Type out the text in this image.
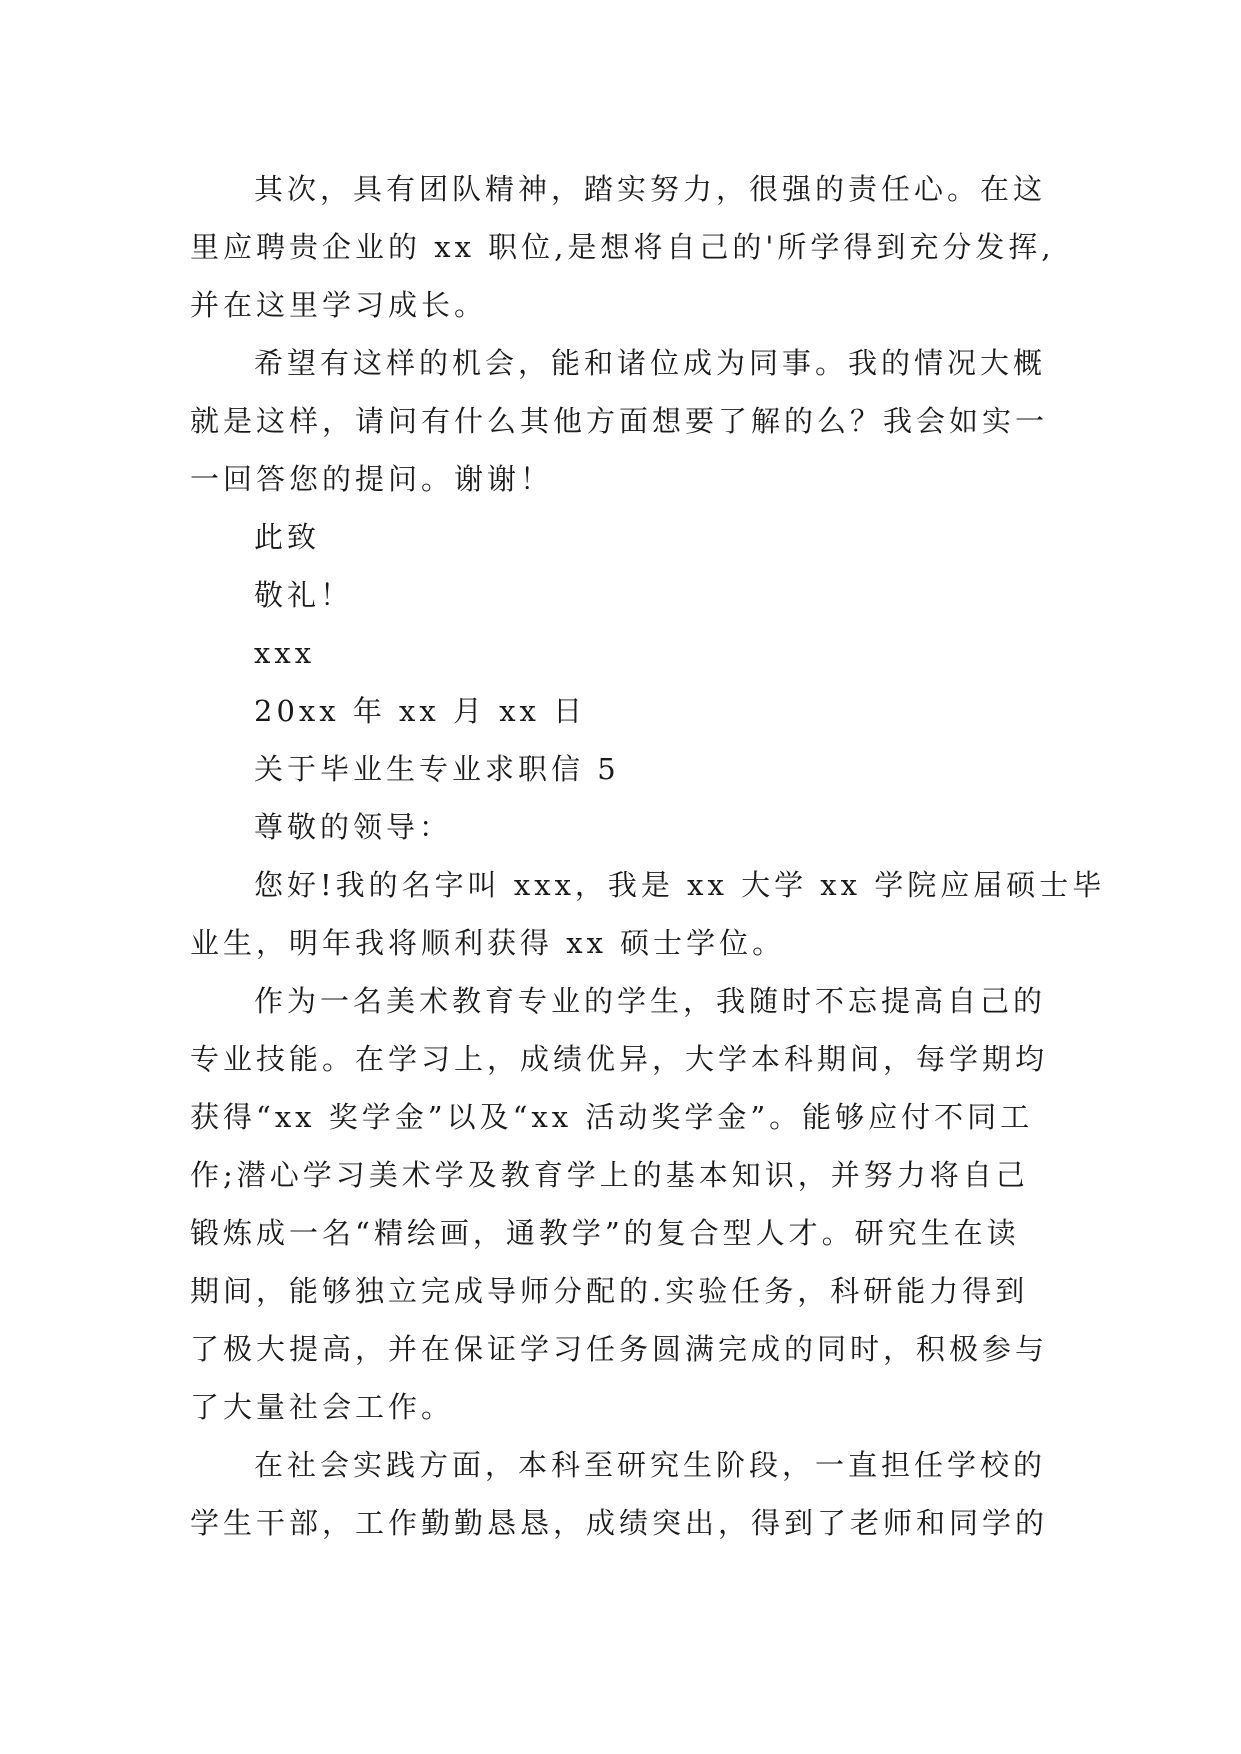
其次，具有团队精神，踏实努力，很强的责任心。在这
里应聘贵企业的 xx 职位,是想将自己的'所学得到充分发挥,
并在这里学习成长。
希望有这样的机会，能和诸位成为同事。我的情况大概
就是这样，请问有什么其他方面想要了解的么？我会如实一
一回答您的提问。谢谢！
此致
敬礼！
xxx
20xx 年 xx 月 xx 日
关于毕业生专业求职信 5
尊敬的领导：
您好!我的名字叫 xxx，我是 xx 大学 xx 学院应届硕士毕
业生，明年我将顺利获得 xx 硕士学位。
作为一名美术教育专业的学生，我随时不忘提高自己的
专业技能。在学习上，成绩优异，大学本科期间，每学期均
获得“xx 奖学金”以及“xx 活动奖学金”。能够应付不同工
作;潜心学习美术学及教育学上的基本知识，并努力将自己
锻炼成一名“精绘画，通教学”的复合型人才。研究生在读
期间，能够独立完成导师分配的.实验任务，科研能力得到
了极大提高，并在保证学习任务圆满完成的同时，积极参与
了大量社会工作。
在社会实践方面，本科至研究生阶段，一直担任学校的
学生干部，工作勤勤恳恳，成绩突出，得到了老师和同学的
